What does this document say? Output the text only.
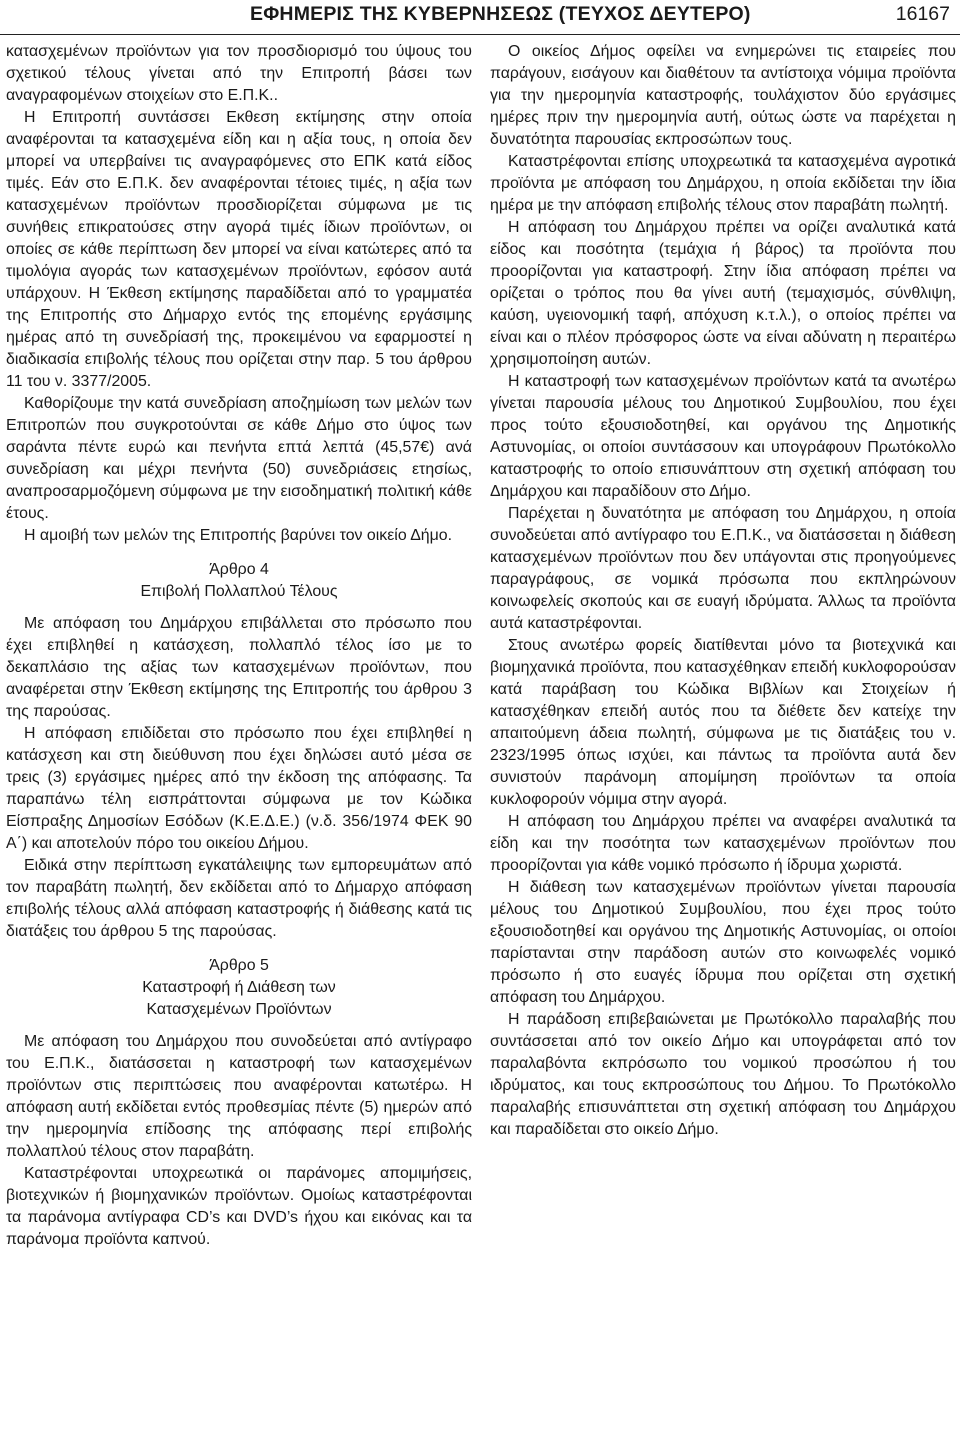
ΕΦΗΜΕΡΙΣ ΤΗΣ ΚΥΒΕΡΝΗΣΕΩΣ (ΤΕΥΧΟΣ ΔΕΥΤΕΡΟ)	16167

κατασχεμένων προϊόντων για τον προσδιορισμό του ύψους του σχετικού τέλους γίνεται από την Επιτροπή βάσει των αναγραφομένων στοιχείων στο Ε.Π.Κ..

Η Επιτροπή συντάσσει Εκθεση εκτίμησης στην οποία αναφέρονται τα κατασχεμένα είδη και η αξία τους, η οποία δεν μπορεί να υπερβαίνει τις αναγραφόμενες στο ΕΠΚ κατά είδος τιμές. Εάν στο Ε.Π.Κ. δεν αναφέρονται τέτοιες τιμές, η αξία των κατασχεμένων προϊόντων προσδιορίζεται σύμφωνα με τις συνήθεις επικρατούσες στην αγορά τιμές ίδιων προϊόντων, οι οποίες σε κάθε περίπτωση δεν μπορεί να είναι κατώτερες από τα τιμολόγια αγοράς των κατασχεμένων προϊόντων, εφόσον αυτά υπάρχουν. Η Έκθεση εκτίμησης παραδίδεται από το γραμματέα της Επιτροπής στο Δήμαρχο εντός της επομένης εργάσιμης ημέρας από τη συνεδρίασή της, προκειμένου να εφαρμοστεί η διαδικασία επιβολής τέλους που ορίζεται στην παρ. 5 του άρθρου 11 του ν. 3377/2005.

Καθορίζουμε την κατά συνεδρίαση αποζημίωση των μελών των Επιτροπών που συγκροτούνται σε κάθε Δήμο στο ύψος των σαράντα πέντε ευρώ και πενήντα επτά λεπτά (45,57€) ανά συνεδρίαση και μέχρι πενήντα (50) συνεδριάσεις ετησίως, αναπροσαρμοζόμενη σύμφωνα με την εισοδηματική πολιτική κάθε έτους.

Η αμοιβή των μελών της Επιτροπής βαρύνει τον οικείο Δήμο.

Άρθρο 4
Επιβολή Πολλαπλού Τέλους

Με απόφαση του Δημάρχου επιβάλλεται στο πρόσωπο που έχει επιβληθεί η κατάσχεση, πολλαπλό τέλος ίσο με το δεκαπλάσιο της αξίας των κατασχεμένων προϊόντων, που αναφέρεται στην Έκθεση εκτίμησης της Επιτροπής του άρθρου 3 της παρούσας.

Η απόφαση επιδίδεται στο πρόσωπο που έχει επιβληθεί η κατάσχεση και στη διεύθυνση που έχει δηλώσει αυτό μέσα σε τρεις (3) εργάσιμες ημέρες από την έκδοση της απόφασης. Τα παραπάνω τέλη εισπράττονται σύμφωνα με τον Κώδικα Είσπραξης Δημοσίων Εσόδων (Κ.Ε.Δ.Ε.) (ν.δ. 356/1974 ΦΕΚ 90 Α΄) και αποτελούν πόρο του οικείου Δήμου.

Ειδικά στην περίπτωση εγκατάλειψης των εμπορευμάτων από τον παραβάτη πωλητή, δεν εκδίδεται από το Δήμαρχο απόφαση επιβολής τέλους αλλά απόφαση καταστροφής ή διάθεσης κατά τις διατάξεις του άρθρου 5 της παρούσας.

Άρθρο 5
Καταστροφή ή Διάθεση των
Κατασχεμένων Προϊόντων

Με απόφαση του Δημάρχου που συνοδεύεται από αντίγραφο του Ε.Π.Κ., διατάσσεται η καταστροφή των κατασχεμένων προϊόντων στις περιπτώσεις που αναφέρονται κατωτέρω. Η απόφαση αυτή εκδίδεται εντός προθεσμίας πέντε (5) ημερών από την ημερομηνία επίδοσης της απόφασης περί επιβολής πολλαπλού τέλους στον παραβάτη.

Καταστρέφονται υποχρεωτικά οι παράνομες απομιμήσεις, βιοτεχνικών ή βιομηχανικών προϊόντων. Ομοίως καταστρέφονται τα παράνομα αντίγραφα CD’s και DVD’s ήχου και εικόνας και τα παράνομα προϊόντα καπνού.

Ο οικείος Δήμος οφείλει να ενημερώνει τις εταιρείες που παράγουν, εισάγουν και διαθέτουν τα αντίστοιχα νόμιμα προϊόντα για την ημερομηνία καταστροφής, τουλάχιστον δύο εργάσιμες ημέρες πριν την ημερομηνία αυτή, ούτως ώστε να παρέχεται η δυνατότητα παρουσίας εκπροσώπων τους.

Καταστρέφονται επίσης υποχρεωτικά τα κατασχεμένα αγροτικά προϊόντα με απόφαση του Δημάρχου, η οποία εκδίδεται την ίδια ημέρα με την απόφαση επιβολής τέλους στον παραβάτη πωλητή.

Η απόφαση του Δημάρχου πρέπει να ορίζει αναλυτικά κατά είδος και ποσότητα (τεμάχια ή βάρος) τα προϊόντα που προορίζονται για καταστροφή. Στην ίδια απόφαση πρέπει να ορίζεται ο τρόπος που θα γίνει αυτή (τεμαχισμός, σύνθλιψη, καύση, υγειονομική ταφή, απόχυση κ.τ.λ.), ο οποίος πρέπει να είναι και ο πλέον πρόσφορος ώστε να είναι αδύνατη η περαιτέρω χρησιμοποίηση αυτών.

Η καταστροφή των κατασχεμένων προϊόντων κατά τα ανωτέρω γίνεται παρουσία μέλους του Δημοτικού Συμβουλίου, που έχει προς τούτο εξουσιοδοτηθεί, και οργάνου της Δημοτικής Αστυνομίας, οι οποίοι συντάσσουν και υπογράφουν Πρωτόκολλο καταστροφής το οποίο επισυνάπτουν στη σχετική απόφαση του Δημάρχου και παραδίδουν στο Δήμο.

Παρέχεται η δυνατότητα με απόφαση του Δημάρχου, η οποία συνοδεύεται από αντίγραφο του Ε.Π.Κ., να διατάσσεται η διάθεση κατασχεμένων προϊόντων που δεν υπάγονται στις προηγούμενες παραγράφους, σε νομικά πρόσωπα που εκπληρώνουν κοινωφελείς σκοπούς και σε ευαγή ιδρύματα. Άλλως τα προϊόντα αυτά καταστρέφονται.

Στους ανωτέρω φορείς διατίθενται μόνο τα βιοτεχνικά και βιομηχανικά προϊόντα, που κατασχέθηκαν επειδή κυκλοφορούσαν κατά παράβαση του Κώδικα Βιβλίων και Στοιχείων ή κατασχέθηκαν επειδή αυτός που τα διέθετε δεν κατείχε την απαιτούμενη άδεια πωλητή, σύμφωνα με τις διατάξεις του ν. 2323/1995 όπως ισχύει, και πάντως τα προϊόντα αυτά δεν συνιστούν παράνομη απομίμηση προϊόντων τα οποία κυκλοφορούν νόμιμα στην αγορά.

Η απόφαση του Δημάρχου πρέπει να αναφέρει αναλυτικά τα είδη και την ποσότητα των κατασχεμένων προϊόντων που προορίζονται για κάθε νομικό πρόσωπο ή ίδρυμα χωριστά.

Η διάθεση των κατασχεμένων προϊόντων γίνεται παρουσία μέλους του Δημοτικού Συμβουλίου, που έχει προς τούτο εξουσιοδοτηθεί και οργάνου της Δημοτικής Αστυνομίας, οι οποίοι παρίστανται στην παράδοση αυτών στο κοινωφελές νομικό πρόσωπο ή στο ευαγές ίδρυμα που ορίζεται στη σχετική απόφαση του Δημάρχου.

Η παράδοση επιβεβαιώνεται με Πρωτόκολλο παραλαβής που συντάσσεται από τον οικείο Δήμο και υπογράφεται από τον παραλαβόντα εκπρόσωπο του νομικού προσώπου ή του ιδρύματος, και τους εκπροσώπους του Δήμου. Το Πρωτόκολλο παραλαβής επισυνάπτεται στη σχετική απόφαση του Δημάρχου και παραδίδεται στο οικείο Δήμο.
